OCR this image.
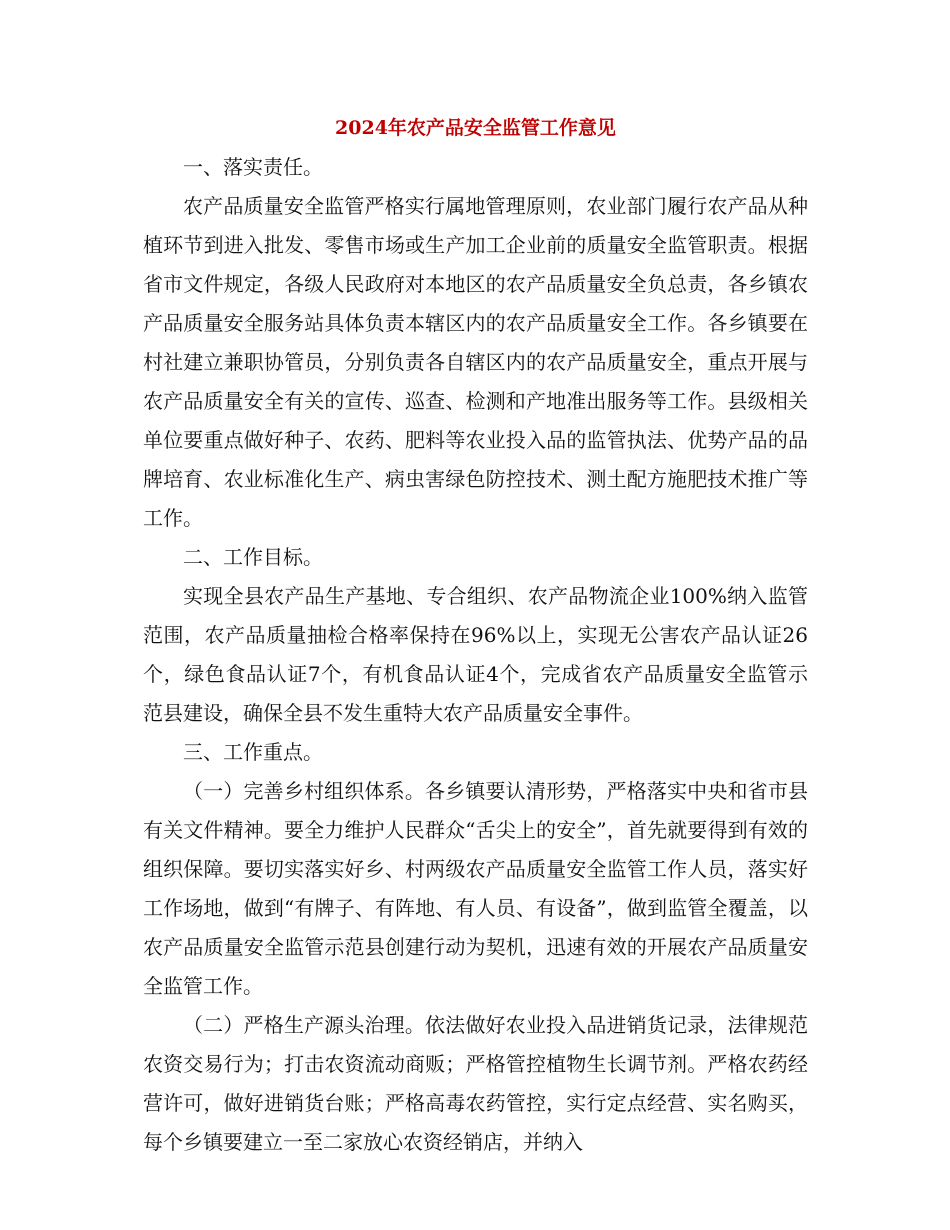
2024年农产品安全监管工作意见
一、落实责任。
农产品质量安全监管严格实行属地管理原则，农业部门履行农产品从种植环节到进入批发、零售市场或生产加工企业前的质量安全监管职责。根据省市文件规定，各级人民政府对本地区的农产品质量安全负总责，各乡镇农产品质量安全服务站具体负责本辖区内的农产品质量安全工作。各乡镇要在村社建立兼职协管员，分别负责各自辖区内的农产品质量安全，重点开展与农产品质量安全有关的宣传、巡查、检测和产地准出服务等工作。县级相关单位要重点做好种子、农药、肥料等农业投入品的监管执法、优势产品的品牌培育、农业标准化生产、病虫害绿色防控技术、测土配方施肥技术推广等工作。
二、工作目标。
实现全县农产品生产基地、专合组织、农产品物流企业100%纳入监管范围，农产品质量抽检合格率保持在96%以上，实现无公害农产品认证26个，绿色食品认证7个，有机食品认证4个，完成省农产品质量安全监管示范县建设，确保全县不发生重特大农产品质量安全事件。
三、工作重点。
（一）完善乡村组织体系。各乡镇要认清形势，严格落实中央和省市县有关文件精神。要全力维护人民群众“舌尖上的安全”，首先就要得到有效的组织保障。要切实落实好乡、村两级农产品质量安全监管工作人员，落实好工作场地，做到“有牌子、有阵地、有人员、有设备”，做到监管全覆盖，以农产品质量安全监管示范县创建行动为契机，迅速有效的开展农产品质量安全监管工作。
（二）严格生产源头治理。依法做好农业投入品进销货记录，法律规范农资交易行为；打击农资流动商贩；严格管控植物生长调节剂。严格农药经营许可，做好进销货台账；严格高毒农药管控，实行定点经营、实名购买，每个乡镇要建立一至二家放心农资经销店，并纳入
